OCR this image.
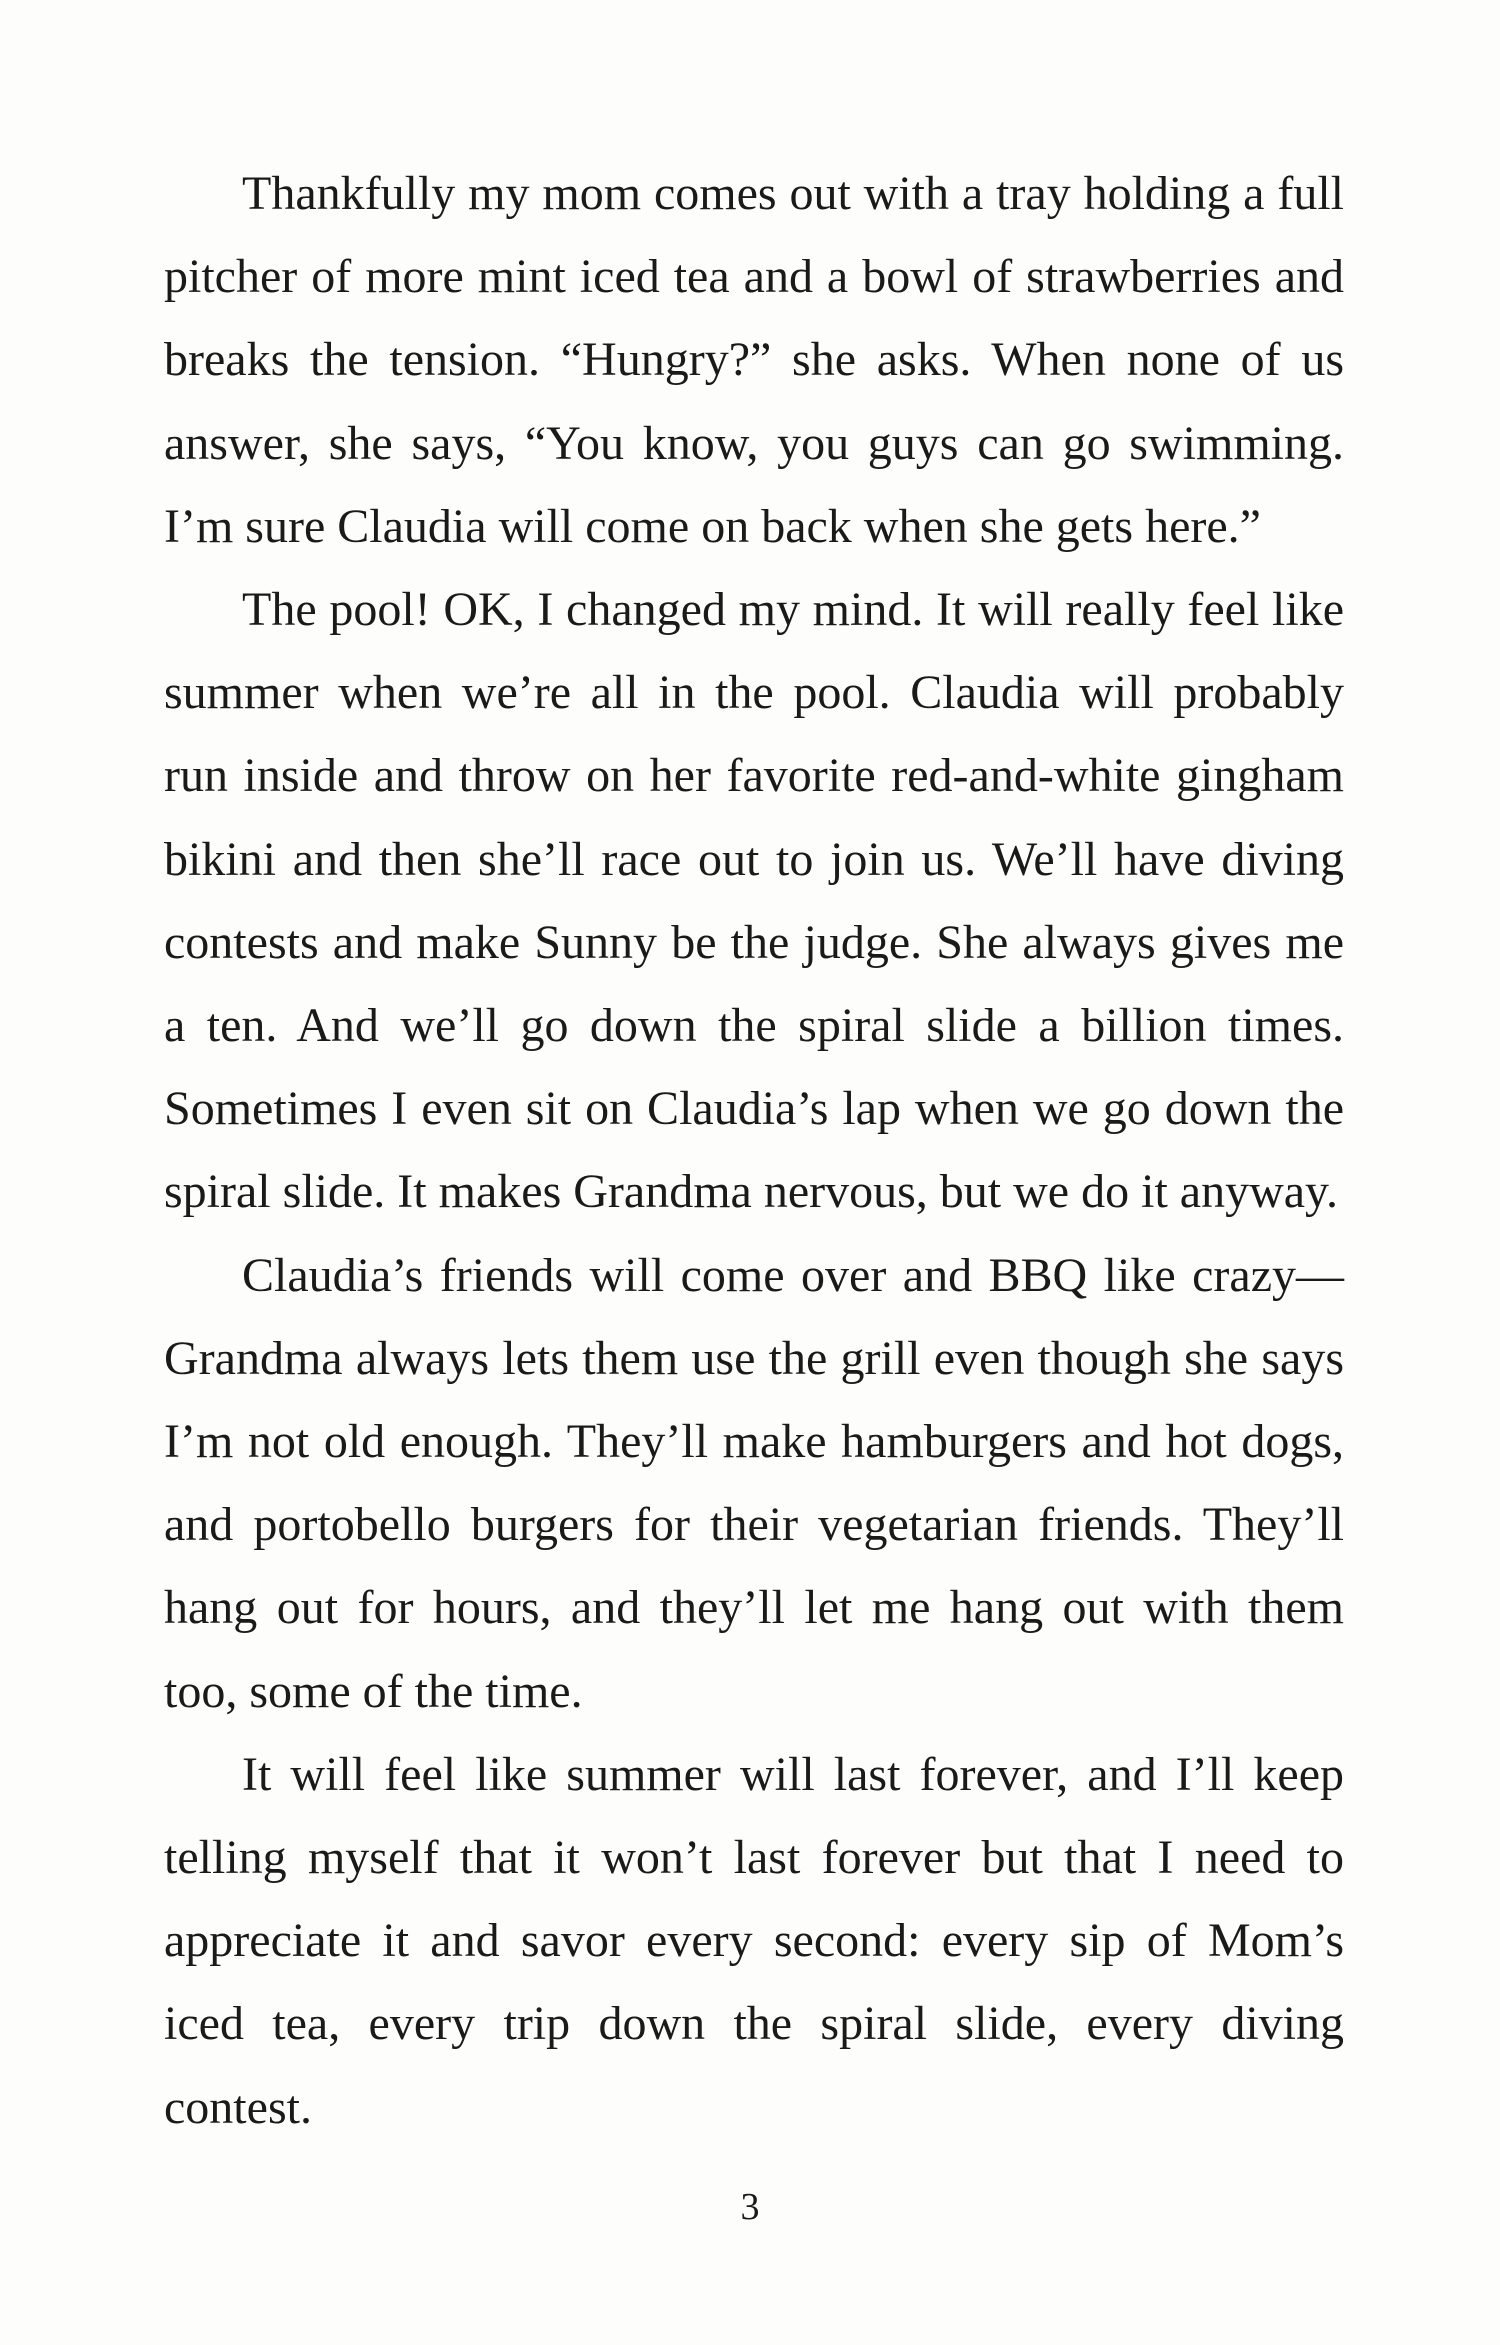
Thankfully my mom comes out with a tray holding a full pitcher of more mint iced tea and a bowl of strawberries and breaks the tension. “Hungry?” she asks. When none of us answer, she says, “You know, you guys can go swimming. I’m sure Claudia will come on back when she gets here.”

The pool! OK, I changed my mind. It will really feel like summer when we’re all in the pool. Claudia will probably run inside and throw on her favorite red-and-white gingham bikini and then she’ll race out to join us. We’ll have diving contests and make Sunny be the judge. She always gives me a ten. And we’ll go down the spiral slide a billion times. Sometimes I even sit on Claudia’s lap when we go down the spiral slide. It makes Grandma nervous, but we do it anyway.

Claudia’s friends will come over and BBQ like crazy— Grandma always lets them use the grill even though she says I’m not old enough. They’ll make hamburgers and hot dogs, and portobello burgers for their vegetarian friends. They’ll hang out for hours, and they’ll let me hang out with them too, some of the time.

It will feel like summer will last forever, and I’ll keep telling myself that it won’t last forever but that I need to appreciate it and savor every second: every sip of Mom’s iced tea, every trip down the spiral slide, every diving contest.

3
